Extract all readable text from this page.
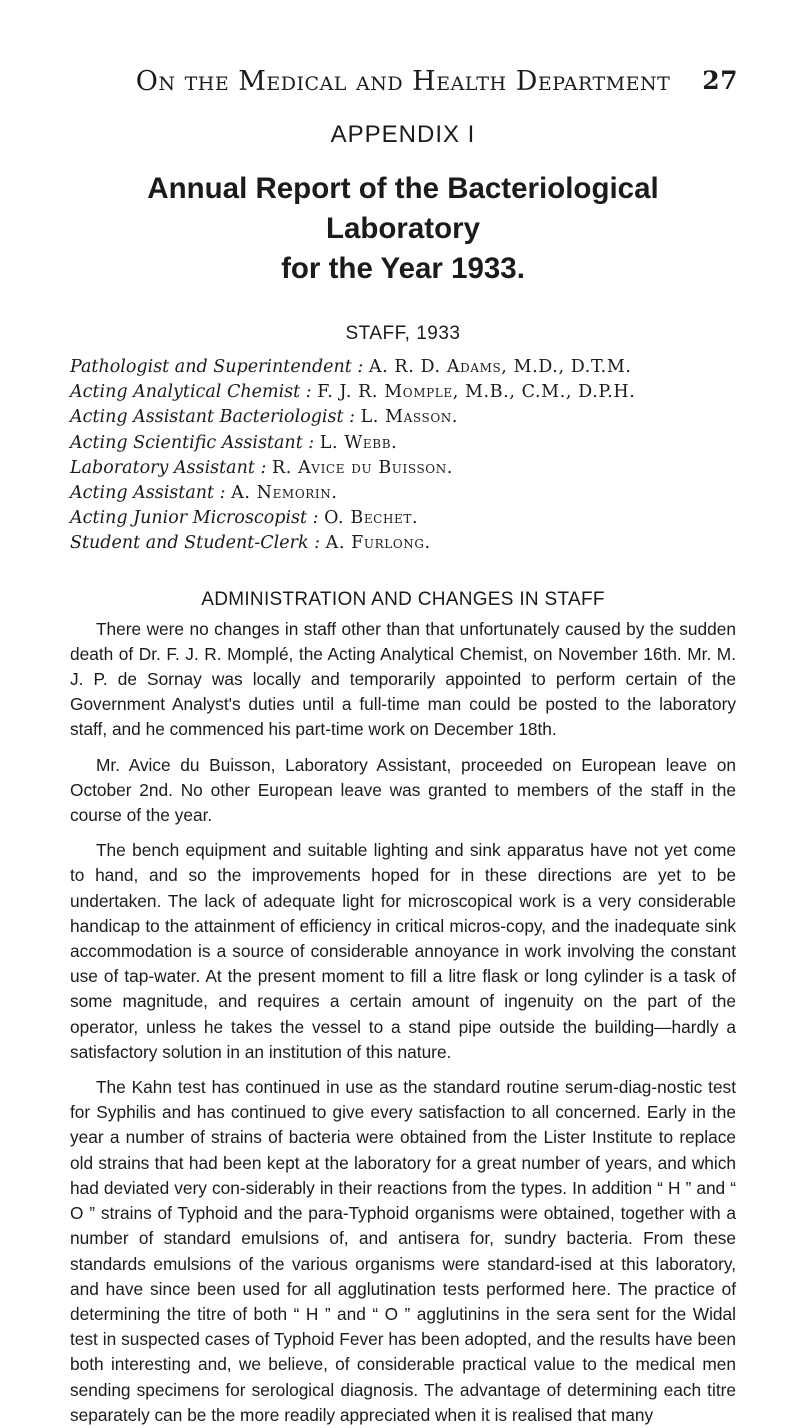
On the Medical and Health Department 27
APPENDIX I
Annual Report of the Bacteriological Laboratory
for the Year 1933.
STAFF, 1933
Pathologist and Superintendent : A. R. D. Adams, M.D., D.T.M.
Acting Analytical Chemist : F. J. R. Momple, M.B., C.M., D.P.H.
Acting Assistant Bacteriologist : L. Masson.
Acting Scientific Assistant : L. Webb.
Laboratory Assistant : R. Avice du Buisson.
Acting Assistant : A. Nemorin.
Acting Junior Microscopist : O. Bechet.
Student and Student-Clerk : A. Furlong.
ADMINISTRATION AND CHANGES IN STAFF

There were no changes in staff other than that unfortunately caused by the sudden death of Dr. F. J. R. Momplé, the Acting Analytical Chemist, on November 16th. Mr. M. J. P. de Sornay was locally and temporarily appointed to perform certain of the Government Analyst's duties until a full-time man could be posted to the laboratory staff, and he commenced his part-time work on December 18th.

Mr. Avice du Buisson, Laboratory Assistant, proceeded on European leave on October 2nd. No other European leave was granted to members of the staff in the course of the year.

The bench equipment and suitable lighting and sink apparatus have not yet come to hand, and so the improvements hoped for in these directions are yet to be undertaken. The lack of adequate light for microscopical work is a very considerable handicap to the attainment of efficiency in critical micros-copy, and the inadequate sink accommodation is a source of considerable annoyance in work involving the constant use of tap-water. At the present moment to fill a litre flask or long cylinder is a task of some magnitude, and requires a certain amount of ingenuity on the part of the operator, unless he takes the vessel to a stand pipe outside the building—hardly a satisfactory solution in an institution of this nature.

The Kahn test has continued in use as the standard routine serum-diag-nostic test for Syphilis and has continued to give every satisfaction to all concerned. Early in the year a number of strains of bacteria were obtained from the Lister Institute to replace old strains that had been kept at the laboratory for a great number of years, and which had deviated very con-siderably in their reactions from the types. In addition “ H ” and “ O ” strains of Typhoid and the para-Typhoid organisms were obtained, together with a number of standard emulsions of, and antisera for, sundry bacteria. From these standards emulsions of the various organisms were standard-ised at this laboratory, and have since been used for all agglutination tests performed here. The practice of determining the titre of both “ H ” and “ O ” agglutinins in the sera sent for the Widal test in suspected cases of Typhoid Fever has been adopted, and the results have been both interesting and, we believe, of considerable practical value to the medical men sending specimens for serological diagnosis. The advantage of determining each titre separately can be the more readily appreciated when it is realised that many
